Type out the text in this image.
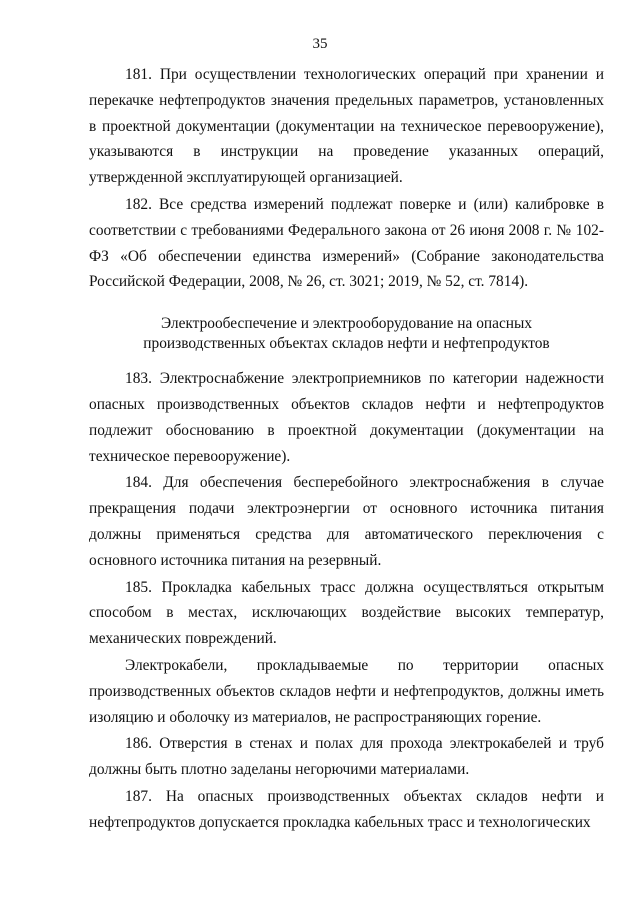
35

181. При осуществлении технологических операций при хранении и перекачке нефтепродуктов значения предельных параметров, установленных в проектной документации (документации на техническое перевооружение), указываются в инструкции на проведение указанных операций, утвержденной эксплуатирующей организацией.

182. Все средства измерений подлежат поверке и (или) калибровке в соответствии с требованиями Федерального закона от 26 июня 2008 г. № 102-ФЗ «Об обеспечении единства измерений» (Собрание законодательства Российской Федерации, 2008, № 26, ст. 3021; 2019, № 52, ст. 7814).

Электрообеспечение и электрооборудование на опасных
производственных объектах складов нефти и нефтепродуктов

183. Электроснабжение электроприемников по категории надежности опасных производственных объектов складов нефти и нефтепродуктов подлежит обоснованию в проектной документации (документации на техническое перевооружение).

184. Для обеспечения бесперебойного электроснабжения в случае прекращения подачи электроэнергии от основного источника питания должны применяться средства для автоматического переключения с основного источника питания на резервный.

185. Прокладка кабельных трасс должна осуществляться открытым способом в местах, исключающих воздействие высоких температур, механических повреждений.

Электрокабели, прокладываемые по территории опасных производственных объектов складов нефти и нефтепродуктов, должны иметь изоляцию и оболочку из материалов, не распространяющих горение.

186. Отверстия в стенах и полах для прохода электрокабелей и труб должны быть плотно заделаны негорючими материалами.

187. На опасных производственных объектах складов нефти и нефтепродуктов допускается прокладка кабельных трасс и технологических
